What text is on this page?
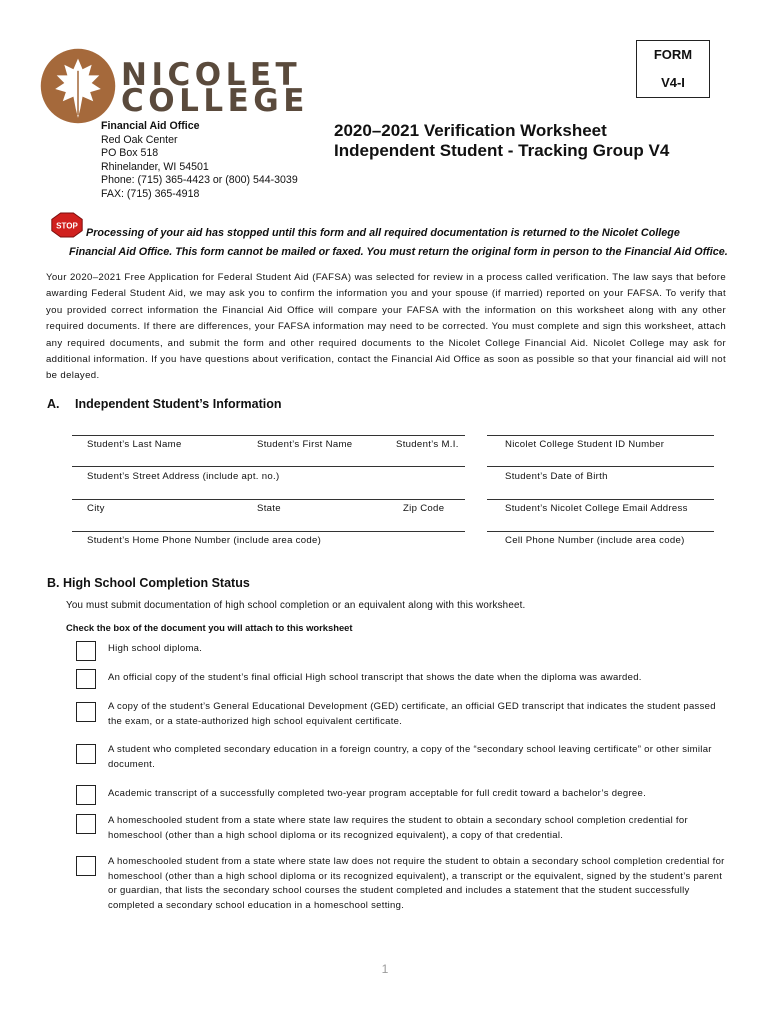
NICOLET
COLLEGE
FORM
V4-I
Financial Aid Office
Red Oak Center
PO Box 518
Rhinelander, WI 54501
Phone: (715) 365-4423 or (800) 544-3039
FAX: (715) 365-4918
2020–2021 Verification Worksheet
Independent Student - Tracking Group V4
STOP
Processing of your aid has stopped until this form and all required documentation is returned to the Nicolet College
Financial Aid Office. This form cannot be mailed or faxed. You must return the original form in person to the Financial Aid Office.
Your 2020–2021 Free Application for Federal Student Aid (FAFSA) was selected for review in a process called verification. The law says that before awarding Federal Student Aid, we may ask you to confirm the information you and your spouse (if married) reported on your FAFSA. To verify that you provided correct information the Financial Aid Office will compare your FAFSA with the information on this worksheet along with any other required documents. If there are differences, your FAFSA information may need to be corrected. You must complete and sign this worksheet, attach any required documents, and submit the form and other required documents to the Nicolet College Financial Aid. Nicolet College may ask for additional information. If you have questions about verification, contact the Financial Aid Office as soon as possible so that your financial aid will not be delayed.
A. Independent Student’s Information
Student’s Last Name	Student’s First Name	Student’s M.I.	Nicolet College Student ID Number
Student’s Street Address (include apt. no.)	Student’s Date of Birth
City	State	Zip Code	Student’s Nicolet College Email Address
Student’s Home Phone Number (include area code)	Cell Phone Number (include area code)
B. High School Completion Status
You must submit documentation of high school completion or an equivalent along with this worksheet.
Check the box of the document you will attach to this worksheet
High school diploma.
An official copy of the student’s final official High school transcript that shows the date when the diploma was awarded.
A copy of the student’s General Educational Development (GED) certificate, an official GED transcript that indicates the student passed the exam, or a state-authorized high school equivalent certificate.
A student who completed secondary education in a foreign country, a copy of the “secondary school leaving certificate” or other similar document.
Academic transcript of a successfully completed two-year program acceptable for full credit toward a bachelor’s degree.
A homeschooled student from a state where state law requires the student to obtain a secondary school completion credential for homeschool (other than a high school diploma or its recognized equivalent), a copy of that credential.
A homeschooled student from a state where state law does not require the student to obtain a secondary school completion credential for homeschool (other than a high school diploma or its recognized equivalent), a transcript or the equivalent, signed by the student’s parent or guardian, that lists the secondary school courses the student completed and includes a statement that the student successfully completed a secondary school education in a homeschool setting.
1
